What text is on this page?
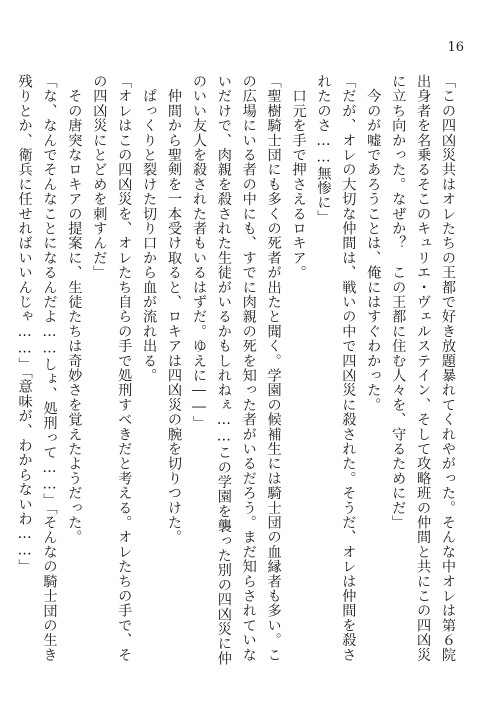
16
「この四凶災共はオレたちの王都で好き放題暴れてくれやがった。そんな中オレは第６院
出身者を名乗るそこのキュリエ・ヴェルステイン、そして攻略班の仲間と共にこの四凶災
に立ち向かった。なぜか？　この王都に住む人々を、守るためにだ」
　今のが嘘であろうことは、俺にはすぐわかった。
「だが、オレの大切な仲間は、戦いの中で四凶災に殺された。そうだ、オレは仲間を殺さ
れたのさ……無惨に」
　口元を手で押さえるロキア。
「聖樹騎士団にも多くの死者が出たと聞く。学園の候補生には騎士団の血縁者も多い。こ
の広場にいる者の中にも、すでに肉親の死を知った者がいるだろう。まだ知らされていな
いだけで、肉親を殺された生徒がいるかもしれねぇ……この学園を襲った別の四凶災に仲
のいい友人を殺された者もいるはずだ。ゆえに――」
　仲間から聖剣を一本受け取ると、ロキアは四凶災の腕を切りつけた。
　ぱっくりと裂けた切り口から血が流れ出る。
「オレはこの四凶災を、オレたち自らの手で処刑すべきだと考える。オレたちの手で、そ
の四凶災にとどめを刺すんだ」
　その唐突なロキアの提案に、生徒たちは奇妙さを覚えたようだった。
「な、なんでそんなことになるんだよ……しょ、処刑って……」「そんなの騎士団の生き
残りとか、衛兵に任せればいいんじゃ……」「意味が、わからないわ……」
